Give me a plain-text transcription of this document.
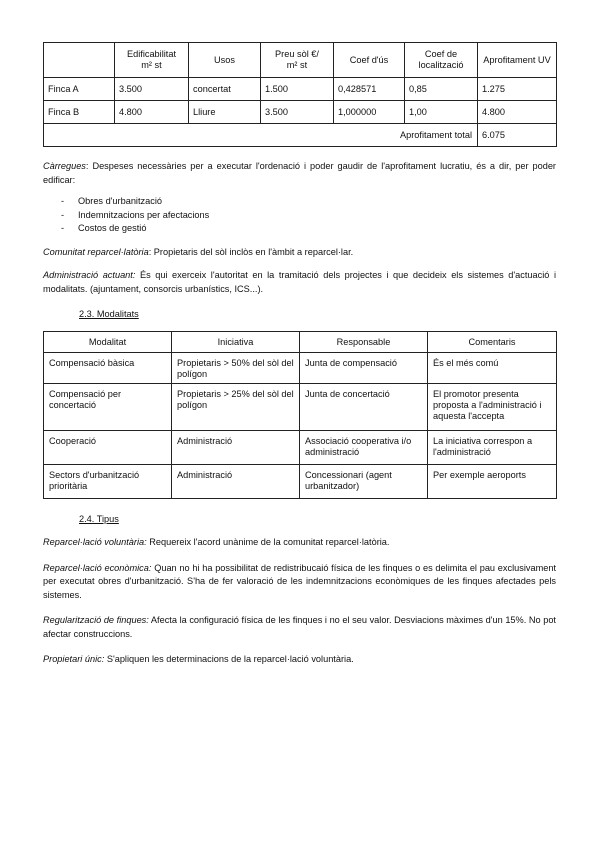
	Edificabilitat m² st	Usos	Preu sòl €/ m² st	Coef d'ús	Coef de localització	Aprofitament UV
Finca A	3.500	concertat	1.500	0,428571	0,85	1.275
Finca B	4.800	Lliure	3.500	1,000000	1,00	4.800
Aprofitament total						6.075

Càrregues: Despeses necessàries per a executar l'ordenació i poder gaudir de l'aprofitament lucratiu, és a dir, per poder edificar:

- Obres d'urbanització
- Indemnitzacions per afectacions
- Costos de gestió

Comunitat reparcel·latòria: Propietaris del sòl inclòs en l'àmbit a reparcel·lar.

Administració actuant: És qui exerceix l'autoritat en la tramitació dels projectes i que decideix els sistemes d'actuació i modalitats. (ajuntament, consorcis urbanístics, ICS...).

2.3. Modalitats

Modalitat	Iniciativa	Responsable	Comentaris
Compensació bàsica	Propietaris > 50% del sòl del polígon	Junta de compensació	És el més comú
Compensació per concertació	Propietaris > 25% del sòl del polígon	Junta de concertació	El promotor presenta proposta a l'administració i aquesta l'accepta
Cooperació	Administració	Associació cooperativa i/o administració	La iniciativa correspon a l'administració
Sectors d'urbanització prioritària	Administració	Concessionari (agent urbanitzador)	Per exemple aeroports

2.4. Tipus

Reparcel·lació voluntària: Requereix l'acord unànime de la comunitat reparcel·latòria.

Reparcel·lació econòmica: Quan no hi ha possibilitat de redistribucaió física de les finques o es delimita el pau exclusivament per executat obres d'urbanització. S'ha de fer valoració de les indemnitzacions econòmiques de les finques afectades pels sistemes.

Regularització de finques: Afecta la configuració física de les finques i no el seu valor. Desviacions màximes d'un 15%. No pot afectar construccions.

Propietari únic: S'apliquen les determinacions de la reparcel·lació voluntària.
